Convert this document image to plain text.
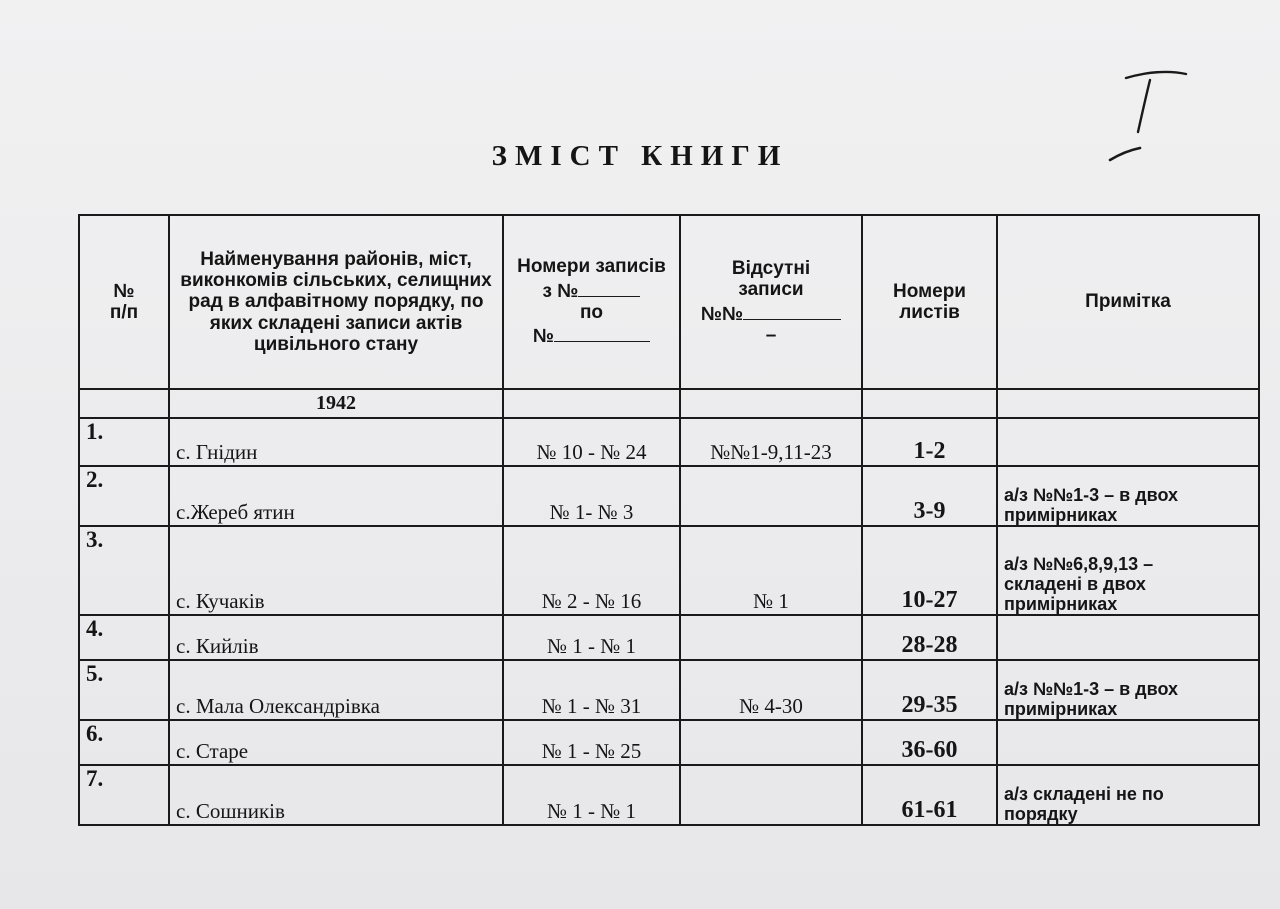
ЗМІСТ КНИГИ
№
п/п	Найменування районів, міст, виконкомів сільських, селищних рад в алфавітному порядку, по яких складені записи актів цивільного стану	Номери записів
з №
по
№	Відсутні
записи
№№
–	Номери листів	Примітка
	1942				
1.	с. Гнідин	№ 10 - № 24	№№1-9,11-23	1-2	
2.	с.Жереб ятин	№ 1- № 3		3-9	а/з №№1-3 – в двох
примірниках
3.	с. Кучаків	№ 2 - № 16	№ 1	10-27	а/з №№6,8,9,13 –
складені в двох
примірниках
4.	с. Кийлів	№ 1 - № 1		28-28	
5.	с. Мала Олександрівка	№ 1 - № 31	№ 4-30	29-35	а/з №№1-3 – в двох
примірниках
6.	с. Старе	№ 1 - № 25		36-60	
7.	с. Сошників	№ 1 - № 1		61-61	а/з складені не по
порядку
